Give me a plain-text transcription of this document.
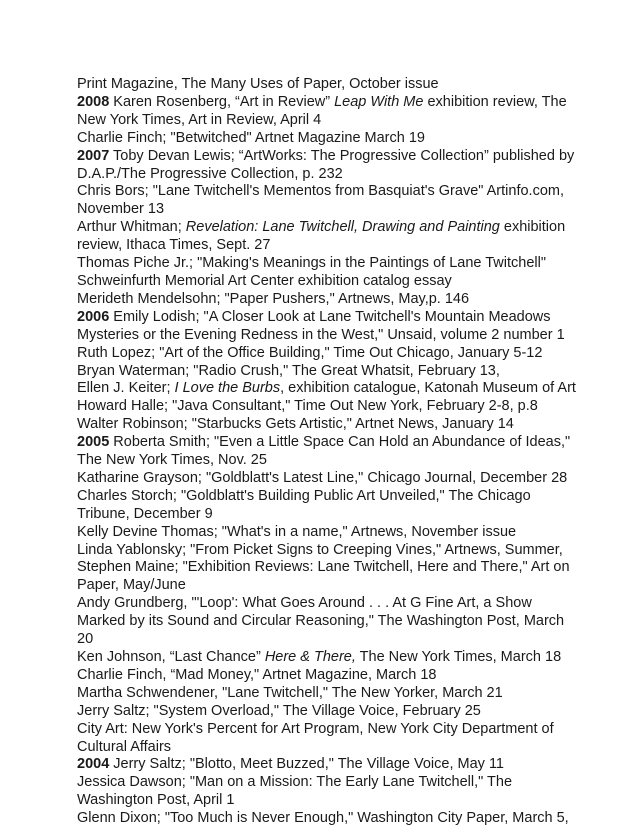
Print Magazine, The Many Uses of Paper, October issue

2008 Karen Rosenberg, “Art in Review” Leap With Me exhibition review, The New York Times, Art in Review, April 4

Charlie Finch; "Betwitched" Artnet Magazine March 19

2007 Toby Devan Lewis; “ArtWorks: The Progressive Collection” published by D.A.P./The Progressive Collection, p. 232

Chris Bors; "Lane Twitchell's Mementos from Basquiat's Grave" Artinfo.com, November 13

Arthur Whitman; Revelation: Lane Twitchell, Drawing and Painting exhibition review, Ithaca Times, Sept. 27

Thomas Piche Jr.; "Making's Meanings in the Paintings of Lane Twitchell" Schweinfurth Memorial Art Center exhibition catalog essay

Merideth Mendelsohn; "Paper Pushers," Artnews, May,p. 146

2006 Emily Lodish; "A Closer Look at Lane Twitchell's Mountain Meadows Mysteries or the Evening Redness in the West," Unsaid, volume 2 number 1

Ruth Lopez; "Art of the Office Building," Time Out Chicago, January 5-12

Bryan Waterman; "Radio Crush," The Great Whatsit, February 13,

Ellen J. Keiter; I Love the Burbs, exhibition catalogue, Katonah Museum of Art

Howard Halle; "Java Consultant," Time Out New York, February 2-8, p.8

Walter Robinson; "Starbucks Gets Artistic," Artnet News, January 14

2005 Roberta Smith; "Even a Little Space Can Hold an Abundance of Ideas," The New York Times, Nov. 25

Katharine Grayson; "Goldblatt's Latest Line," Chicago Journal, December 28

Charles Storch; "Goldblatt's Building Public Art Unveiled," The Chicago Tribune, December 9

Kelly Devine Thomas; "What's in a name," Artnews, November issue

Linda Yablonsky; "From Picket Signs to Creeping Vines," Artnews, Summer,

Stephen Maine; "Exhibition Reviews: Lane Twitchell, Here and There," Art on Paper, May/June

Andy Grundberg, "'Loop': What Goes Around . . . At G Fine Art, a Show Marked by its Sound and Circular Reasoning," The Washington Post, March 20

Ken Johnson, “Last Chance” Here & There, The New York Times, March 18

Charlie Finch, “Mad Money," Artnet Magazine, March 18

Martha Schwendener, "Lane Twitchell," The New Yorker, March 21

Jerry Saltz; "System Overload," The Village Voice, February 25

City Art: New York's Percent for Art Program, New York City Department of Cultural Affairs

2004 Jerry Saltz; "Blotto, Meet Buzzed," The Village Voice, May 11

Jessica Dawson; "Man on a Mission: The Early Lane Twitchell," The Washington Post, April 1

Glenn Dixon; "Too Much is Never Enough," Washington City Paper, March 5,
